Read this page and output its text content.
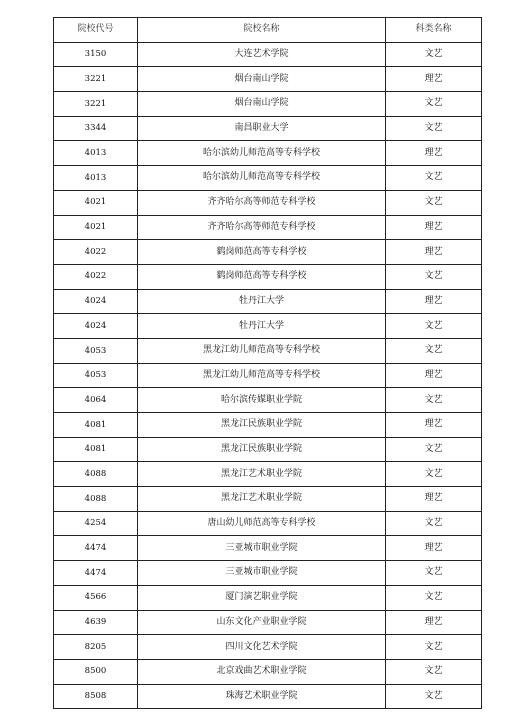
院校代号	院校名称	科类名称
3150	大连艺术学院	文艺
3221	烟台南山学院	理艺
3221	烟台南山学院	文艺
3344	南昌职业大学	文艺
4013	哈尔滨幼儿师范高等专科学校	理艺
4013	哈尔滨幼儿师范高等专科学校	文艺
4021	齐齐哈尔高等师范专科学校	文艺
4021	齐齐哈尔高等师范专科学校	理艺
4022	鹤岗师范高等专科学校	理艺
4022	鹤岗师范高等专科学校	文艺
4024	牡丹江大学	理艺
4024	牡丹江大学	文艺
4053	黑龙江幼儿师范高等专科学校	文艺
4053	黑龙江幼儿师范高等专科学校	理艺
4064	哈尔滨传媒职业学院	文艺
4081	黑龙江民族职业学院	理艺
4081	黑龙江民族职业学院	文艺
4088	黑龙江艺术职业学院	文艺
4088	黑龙江艺术职业学院	理艺
4254	唐山幼儿师范高等专科学校	文艺
4474	三亚城市职业学院	理艺
4474	三亚城市职业学院	文艺
4566	厦门演艺职业学院	文艺
4639	山东文化产业职业学院	理艺
8205	四川文化艺术学院	文艺
8500	北京戏曲艺术职业学院	文艺
8508	珠海艺术职业学院	文艺
